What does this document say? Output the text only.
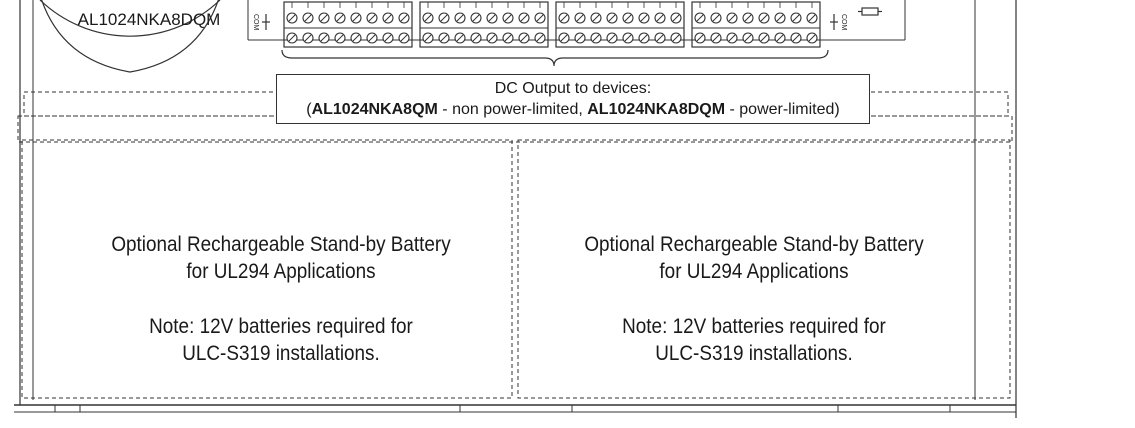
AL1024NKA8DQM	COM	COM
DC Output to devices:
(AL1024NKA8QM - non power-limited, AL1024NKA8DQM - power-limited)
Optional Rechargeable Stand-by Battery
for UL294 Applications
Note: 12V batteries required for
ULC-S319 installations.
Optional Rechargeable Stand-by Battery
for UL294 Applications
Note: 12V batteries required for
ULC-S319 installations.
